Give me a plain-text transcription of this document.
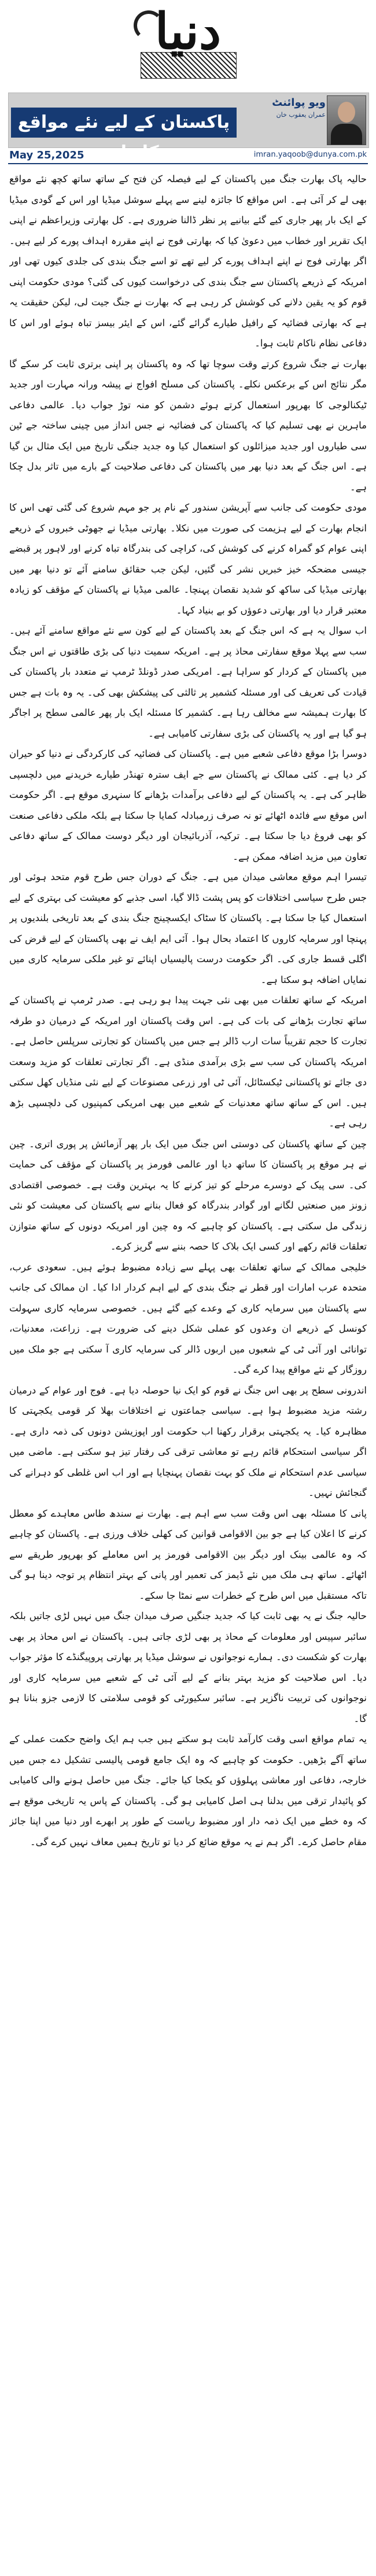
دنیا
پاکستان کے لیے نئے مواقع کا ظہور
ویو پوائنٹ
عمران یعقوب خان
May 25,2025	imran.yaqoob@dunya.com.pk

حالیہ پاک بھارت جنگ میں پاکستان کے لیے فیصلہ کن فتح کے ساتھ ساتھ کچھ نئے مواقع بھی لے کر آئی ہے۔ اس مواقع کا جائزہ لینے سے پہلے سوشل میڈیا اور اس کے گودی میڈیا کے ایک بار پھر جاری کیے گئے بیانیے پر نظر ڈالنا ضروری ہے۔ کل بھارتی وزیراعظم نے اپنی ایک تقریر اور خطاب میں دعویٰ کیا کہ بھارتی فوج نے اپنے مقررہ اہداف پورے کر لیے ہیں۔ اگر بھارتی فوج نے اپنے اہداف پورے کر لیے تھے تو اسے جنگ بندی کی جلدی کیوں تھی اور امریکہ کے ذریعے پاکستان سے جنگ بندی کی درخواست کیوں کی گئی؟ مودی حکومت اپنی قوم کو یہ یقین دلانے کی کوشش کر رہی ہے کہ بھارت نے جنگ جیت لی، لیکن حقیقت یہ ہے کہ بھارتی فضائیہ کے رافیل طیارے گرائے گئے، اس کے ایئر بیسز تباہ ہوئے اور اس کا دفاعی نظام ناکام ثابت ہوا۔

بھارت نے جنگ شروع کرتے وقت سوچا تھا کہ وہ پاکستان پر اپنی برتری ثابت کر سکے گا مگر نتائج اس کے برعکس نکلے۔ پاکستان کی مسلح افواج نے پیشہ ورانہ مہارت اور جدید ٹیکنالوجی کا بھرپور استعمال کرتے ہوئے دشمن کو منہ توڑ جواب دیا۔ عالمی دفاعی ماہرین نے بھی تسلیم کیا کہ پاکستان کی فضائیہ نے جس انداز میں چینی ساختہ جے ٹین سی طیاروں اور جدید میزائلوں کو استعمال کیا وہ جدید جنگی تاریخ میں ایک مثال بن گیا ہے۔ اس جنگ کے بعد دنیا بھر میں پاکستان کی دفاعی صلاحیت کے بارے میں تاثر بدل چکا ہے۔

مودی حکومت کی جانب سے آپریشن سندور کے نام پر جو مہم شروع کی گئی تھی اس کا انجام بھارت کے لیے ہزیمت کی صورت میں نکلا۔ بھارتی میڈیا نے جھوٹی خبروں کے ذریعے اپنی عوام کو گمراہ کرنے کی کوشش کی، کراچی کی بندرگاہ تباہ کرنے اور لاہور پر قبضے جیسی مضحکہ خیز خبریں نشر کی گئیں، لیکن جب حقائق سامنے آئے تو دنیا بھر میں بھارتی میڈیا کی ساکھ کو شدید نقصان پہنچا۔ عالمی میڈیا نے پاکستان کے مؤقف کو زیادہ معتبر قرار دیا اور بھارتی دعوؤں کو بے بنیاد کہا۔

اب سوال یہ ہے کہ اس جنگ کے بعد پاکستان کے لیے کون سے نئے مواقع سامنے آئے ہیں۔ سب سے پہلا موقع سفارتی محاذ پر ہے۔ امریکہ سمیت دنیا کی بڑی طاقتوں نے اس جنگ میں پاکستان کے کردار کو سراہا ہے۔ امریکی صدر ڈونلڈ ٹرمپ نے متعدد بار پاکستان کی قیادت کی تعریف کی اور مسئلہ کشمیر پر ثالثی کی پیشکش بھی کی۔ یہ وہ بات ہے جس کا بھارت ہمیشہ سے مخالف رہا ہے۔ کشمیر کا مسئلہ ایک بار پھر عالمی سطح پر اجاگر ہو گیا ہے اور یہ پاکستان کی بڑی سفارتی کامیابی ہے۔

دوسرا بڑا موقع دفاعی شعبے میں ہے۔ پاکستان کی فضائیہ کی کارکردگی نے دنیا کو حیران کر دیا ہے۔ کئی ممالک نے پاکستان سے جے ایف سترہ تھنڈر طیارے خریدنے میں دلچسپی ظاہر کی ہے۔ یہ پاکستان کے لیے دفاعی برآمدات بڑھانے کا سنہری موقع ہے۔ اگر حکومت اس موقع سے فائدہ اٹھائے تو نہ صرف زرمبادلہ کمایا جا سکتا ہے بلکہ ملکی دفاعی صنعت کو بھی فروغ دیا جا سکتا ہے۔ ترکیہ، آذربائیجان اور دیگر دوست ممالک کے ساتھ دفاعی تعاون میں مزید اضافہ ممکن ہے۔

تیسرا اہم موقع معاشی میدان میں ہے۔ جنگ کے دوران جس طرح قوم متحد ہوئی اور جس طرح سیاسی اختلافات کو پس پشت ڈالا گیا، اسی جذبے کو معیشت کی بہتری کے لیے استعمال کیا جا سکتا ہے۔ پاکستان کا سٹاک ایکسچینج جنگ بندی کے بعد تاریخی بلندیوں پر پہنچا اور سرمایہ کاروں کا اعتماد بحال ہوا۔ آئی ایم ایف نے بھی پاکستان کے لیے قرض کی اگلی قسط جاری کی۔ اگر حکومت درست پالیسیاں اپنائے تو غیر ملکی سرمایہ کاری میں نمایاں اضافہ ہو سکتا ہے۔

امریکہ کے ساتھ تعلقات میں بھی نئی جہت پیدا ہو رہی ہے۔ صدر ٹرمپ نے پاکستان کے ساتھ تجارت بڑھانے کی بات کی ہے۔ اس وقت پاکستان اور امریکہ کے درمیان دو طرفہ تجارت کا حجم تقریباً سات ارب ڈالر ہے جس میں پاکستان کو تجارتی سرپلس حاصل ہے۔ امریکہ پاکستان کی سب سے بڑی برآمدی منڈی ہے۔ اگر تجارتی تعلقات کو مزید وسعت دی جائے تو پاکستانی ٹیکسٹائل، آئی ٹی اور زرعی مصنوعات کے لیے نئی منڈیاں کھل سکتی ہیں۔ اس کے ساتھ ساتھ معدنیات کے شعبے میں بھی امریکی کمپنیوں کی دلچسپی بڑھ رہی ہے۔

چین کے ساتھ پاکستان کی دوستی اس جنگ میں ایک بار پھر آزمائش پر پوری اتری۔ چین نے ہر موقع پر پاکستان کا ساتھ دیا اور عالمی فورمز پر پاکستان کے مؤقف کی حمایت کی۔ سی پیک کے دوسرے مرحلے کو تیز کرنے کا یہ بہترین وقت ہے۔ خصوصی اقتصادی زونز میں صنعتیں لگانے اور گوادر بندرگاہ کو فعال بنانے سے پاکستان کی معیشت کو نئی زندگی مل سکتی ہے۔ پاکستان کو چاہیے کہ وہ چین اور امریکہ دونوں کے ساتھ متوازن تعلقات قائم رکھے اور کسی ایک بلاک کا حصہ بننے سے گریز کرے۔

خلیجی ممالک کے ساتھ تعلقات بھی پہلے سے زیادہ مضبوط ہوئے ہیں۔ سعودی عرب، متحدہ عرب امارات اور قطر نے جنگ بندی کے لیے اہم کردار ادا کیا۔ ان ممالک کی جانب سے پاکستان میں سرمایہ کاری کے وعدے کیے گئے ہیں۔ خصوصی سرمایہ کاری سہولت کونسل کے ذریعے ان وعدوں کو عملی شکل دینے کی ضرورت ہے۔ زراعت، معدنیات، توانائی اور آئی ٹی کے شعبوں میں اربوں ڈالر کی سرمایہ کاری آ سکتی ہے جو ملک میں روزگار کے نئے مواقع پیدا کرے گی۔

اندرونی سطح پر بھی اس جنگ نے قوم کو ایک نیا حوصلہ دیا ہے۔ فوج اور عوام کے درمیان رشتہ مزید مضبوط ہوا ہے۔ سیاسی جماعتوں نے اختلافات بھلا کر قومی یکجہتی کا مظاہرہ کیا۔ یہ یکجہتی برقرار رکھنا اب حکومت اور اپوزیشن دونوں کی ذمہ داری ہے۔ اگر سیاسی استحکام قائم رہے تو معاشی ترقی کی رفتار تیز ہو سکتی ہے۔ ماضی میں سیاسی عدم استحکام نے ملک کو بہت نقصان پہنچایا ہے اور اب اس غلطی کو دہرانے کی گنجائش نہیں۔

پانی کا مسئلہ بھی اس وقت سب سے اہم ہے۔ بھارت نے سندھ طاس معاہدے کو معطل کرنے کا اعلان کیا ہے جو بین الاقوامی قوانین کی کھلی خلاف ورزی ہے۔ پاکستان کو چاہیے کہ وہ عالمی بینک اور دیگر بین الاقوامی فورمز پر اس معاملے کو بھرپور طریقے سے اٹھائے۔ ساتھ ہی ملک میں نئے ڈیمز کی تعمیر اور پانی کے بہتر انتظام پر توجہ دینا ہو گی تاکہ مستقبل میں اس طرح کے خطرات سے نمٹا جا سکے۔

حالیہ جنگ نے یہ بھی ثابت کیا کہ جدید جنگیں صرف میدان جنگ میں نہیں لڑی جاتیں بلکہ سائبر سپیس اور معلومات کے محاذ پر بھی لڑی جاتی ہیں۔ پاکستان نے اس محاذ پر بھی بھارت کو شکست دی۔ ہمارے نوجوانوں نے سوشل میڈیا پر بھارتی پروپیگنڈے کا مؤثر جواب دیا۔ اس صلاحیت کو مزید بہتر بنانے کے لیے آئی ٹی کے شعبے میں سرمایہ کاری اور نوجوانوں کی تربیت ناگزیر ہے۔ سائبر سکیورٹی کو قومی سلامتی کا لازمی جزو بنانا ہو گا۔

یہ تمام مواقع اسی وقت کارآمد ثابت ہو سکتے ہیں جب ہم ایک واضح حکمت عملی کے ساتھ آگے بڑھیں۔ حکومت کو چاہیے کہ وہ ایک جامع قومی پالیسی تشکیل دے جس میں خارجہ، دفاعی اور معاشی پہلوؤں کو یکجا کیا جائے۔ جنگ میں حاصل ہونے والی کامیابی کو پائیدار ترقی میں بدلنا ہی اصل کامیابی ہو گی۔ پاکستان کے پاس یہ تاریخی موقع ہے کہ وہ خطے میں ایک ذمہ دار اور مضبوط ریاست کے طور پر ابھرے اور دنیا میں اپنا جائز مقام حاصل کرے۔ اگر ہم نے یہ موقع ضائع کر دیا تو تاریخ ہمیں معاف نہیں کرے گی۔
